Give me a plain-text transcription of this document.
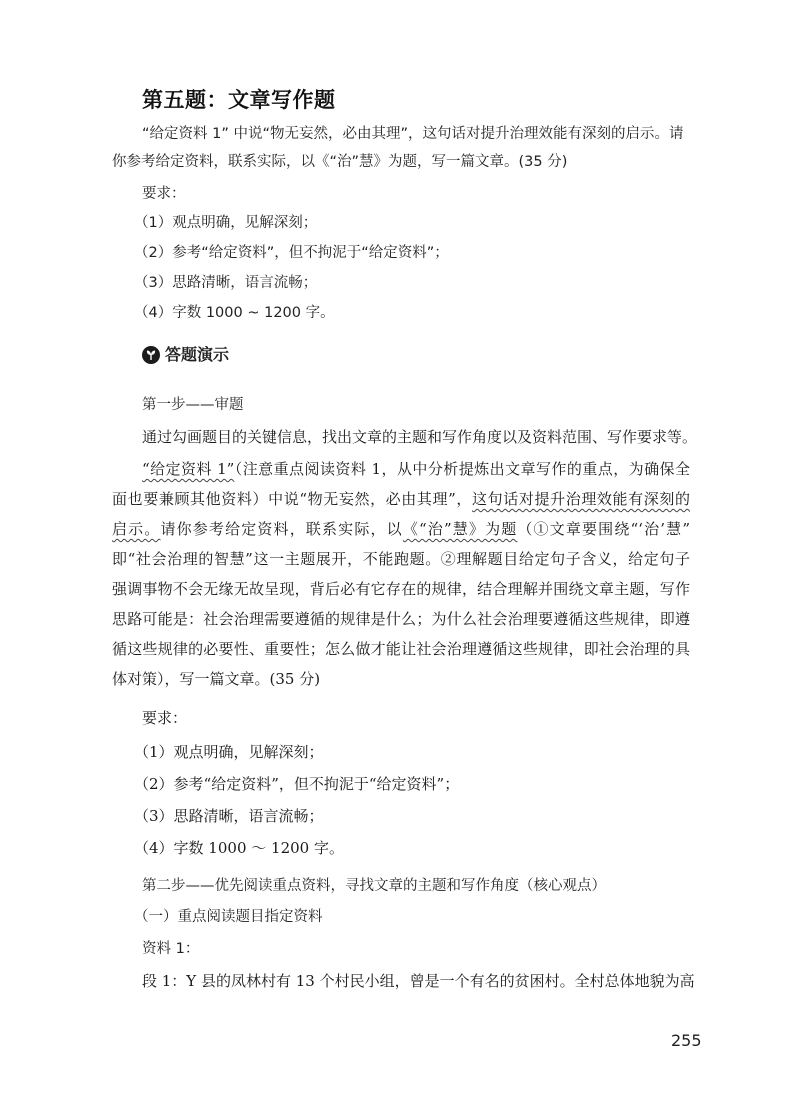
第五题：文章写作题
“给定资料 1” 中说“物无妄然，必由其理”，这句话对提升治理效能有深刻的启示。请
你参考给定资料，联系实际，以《“治”慧》为题，写一篇文章。(35 分)
要求：
（1）观点明确，见解深刻；
（2）参考“给定资料”，但不拘泥于“给定资料”；
（3）思路清晰，语言流畅；
（4）字数 1000 ~ 1200 字。
答题演示
第一步——审题
通过勾画题目的关键信息，找出文章的主题和写作角度以及资料范围、写作要求等。
“给定资料 1”（注意重点阅读资料 1，从中分析提炼出文章写作的重点，为确保全
面也要兼顾其他资料）中说“物无妄然，必由其理”，这句话对提升治理效能有深刻的
启示。请你参考给定资料，联系实际，以《“治”慧》为题（①文章要围绕“‘治’慧”
即“社会治理的智慧”这一主题展开，不能跑题。②理解题目给定句子含义，给定句子
强调事物不会无缘无故呈现，背后必有它存在的规律，结合理解并围绕文章主题，写作
思路可能是：社会治理需要遵循的规律是什么；为什么社会治理要遵循这些规律，即遵
循这些规律的必要性、重要性；怎么做才能让社会治理遵循这些规律，即社会治理的具
体对策），写一篇文章。(35 分)
要求：
（1）观点明确，见解深刻；
（2）参考“给定资料”，但不拘泥于“给定资料”；
（3）思路清晰，语言流畅；
（4）字数 1000 ～ 1200 字。
第二步——优先阅读重点资料，寻找文章的主题和写作角度（核心观点）
（一）重点阅读题目指定资料
资料 1：
段 1：Y 县的凤林村有 13 个村民小组，曾是一个有名的贫困村。全村总体地貌为高
255
